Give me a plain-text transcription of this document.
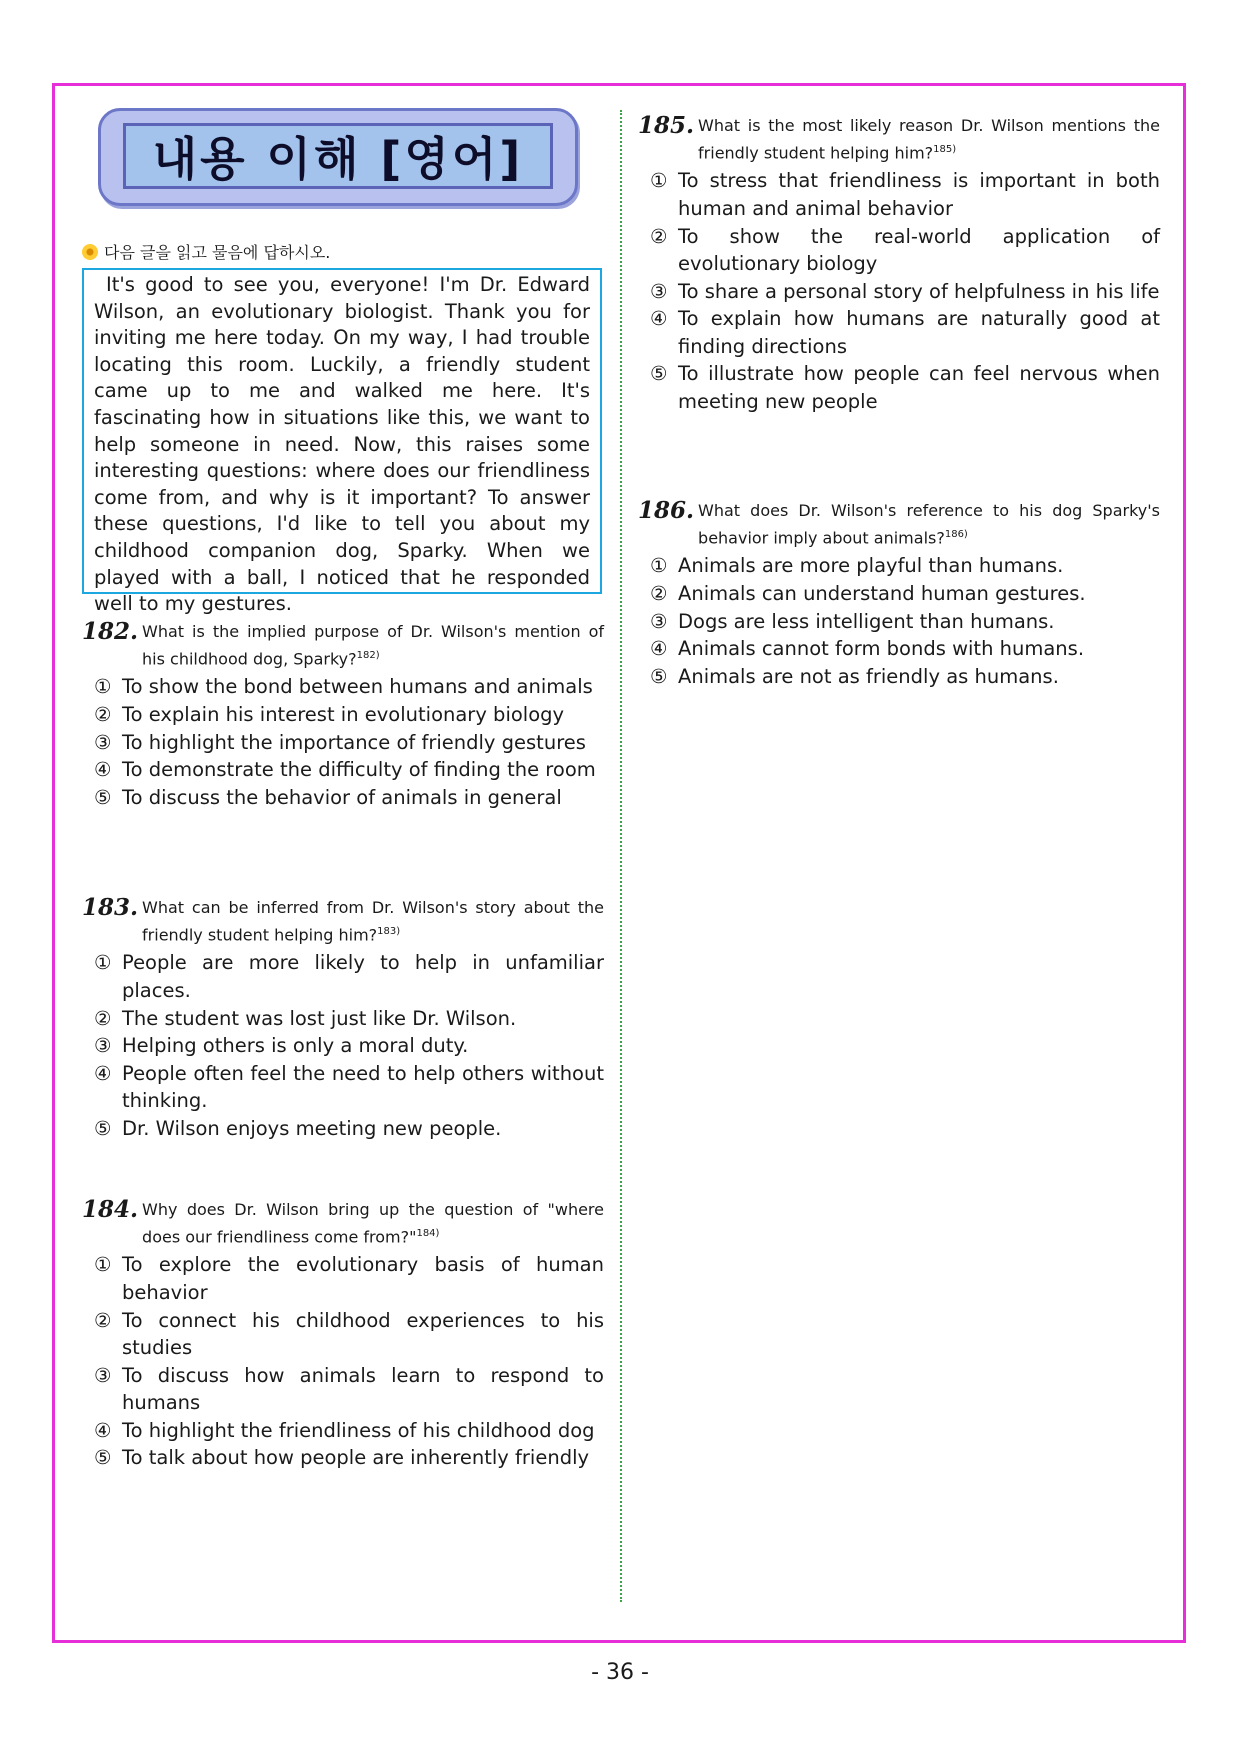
내용 이해 [영어]
다음 글을 읽고 물음에 답하시오.
It's good to see you, everyone! I'm Dr. Edward Wilson, an evolutionary biologist. Thank you for inviting me here today. On my way, I had trouble locating this room. Luckily, a friendly student came up to me and walked me here. It's fascinating how in situations like this, we want to help someone in need. Now, this raises some interesting questions: where does our friendliness come from, and why is it important? To answer these questions, I'd like to tell you about my childhood companion dog, Sparky. When we played with a ball, I noticed that he responded well to my gestures.
182. What is the implied purpose of Dr. Wilson's mention of his childhood dog, Sparky?$^{182)}$
① To show the bond between humans and animals
② To explain his interest in evolutionary biology
③ To highlight the importance of friendly gestures
④ To demonstrate the difficulty of finding the room
⑤ To discuss the behavior of animals in general
183. What can be inferred from Dr. Wilson's story about the friendly student helping him?$^{183)}$
① People are more likely to help in unfamiliar places.
② The student was lost just like Dr. Wilson.
③ Helping others is only a moral duty.
④ People often feel the need to help others without thinking.
⑤ Dr. Wilson enjoys meeting new people.
184. Why does Dr. Wilson bring up the question of "where does our friendliness come from?"$^{184)}$
① To explore the evolutionary basis of human behavior
② To connect his childhood experiences to his studies
③ To discuss how animals learn to respond to humans
④ To highlight the friendliness of his childhood dog
⑤ To talk about how people are inherently friendly
185. What is the most likely reason Dr. Wilson mentions the friendly student helping him?$^{185)}$
① To stress that friendliness is important in both human and animal behavior
② To show the real-world application of evolutionary biology
③ To share a personal story of helpfulness in his life
④ To explain how humans are naturally good at finding directions
⑤ To illustrate how people can feel nervous when meeting new people
186. What does Dr. Wilson's reference to his dog Sparky's behavior imply about animals?$^{186)}$
① Animals are more playful than humans.
② Animals can understand human gestures.
③ Dogs are less intelligent than humans.
④ Animals cannot form bonds with humans.
⑤ Animals are not as friendly as humans.
- 36 -
